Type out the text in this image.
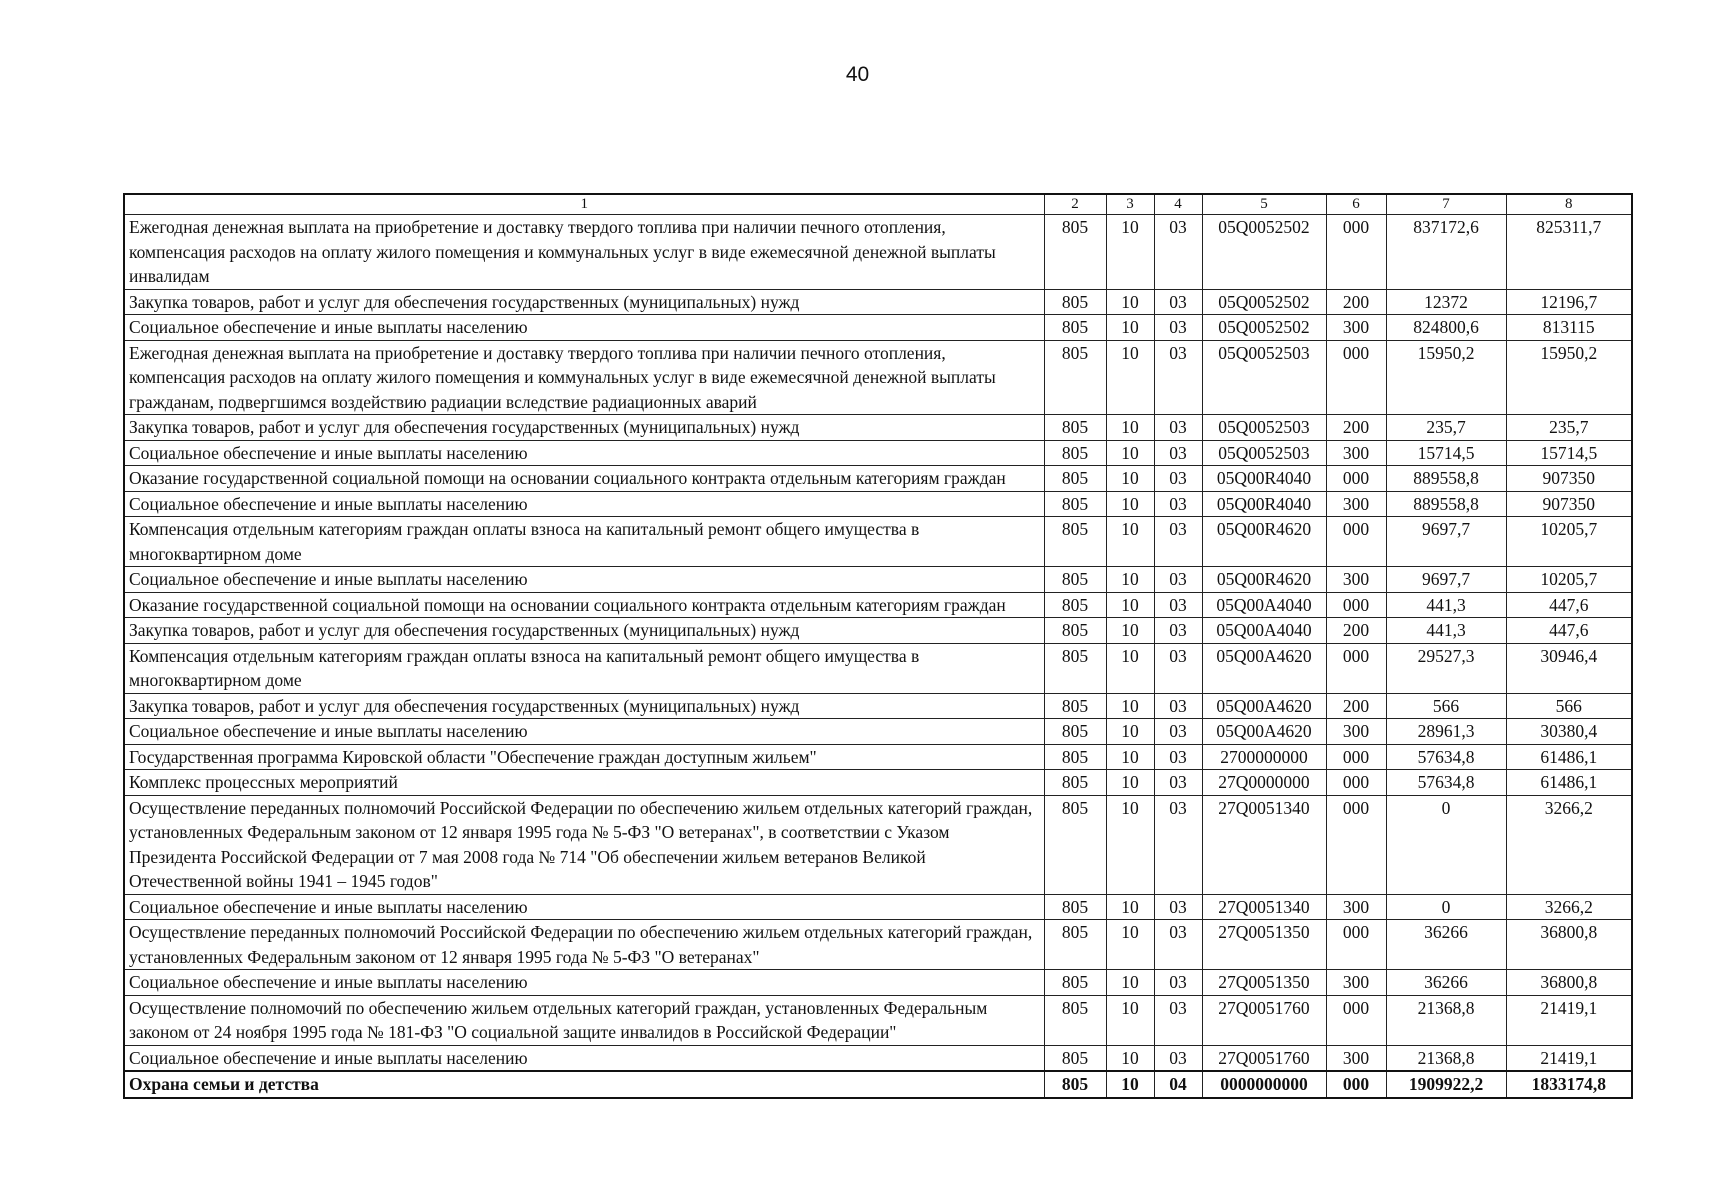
40
1	2	3	4	5	6	7	8
Ежегодная денежная выплата на приобретение и доставку твердого топлива при наличии печного отопления, компенсация расходов на оплату жилого помещения и коммунальных услуг в виде ежемесячной денежной выплаты инвалидам	805	10	03	05Q0052502	000	837172,6	825311,7
Закупка товаров, работ и услуг для обеспечения государственных (муниципальных) нужд	805	10	03	05Q0052502	200	12372	12196,7
Социальное обеспечение и иные выплаты населению	805	10	03	05Q0052502	300	824800,6	813115
Ежегодная денежная выплата на приобретение и доставку твердого топлива при наличии печного отопления, компенсация расходов на оплату жилого помещения и коммунальных услуг в виде ежемесячной денежной выплаты гражданам, подвергшимся воздействию радиации вследствие радиационных аварий	805	10	03	05Q0052503	000	15950,2	15950,2
Закупка товаров, работ и услуг для обеспечения государственных (муниципальных) нужд	805	10	03	05Q0052503	200	235,7	235,7
Социальное обеспечение и иные выплаты населению	805	10	03	05Q0052503	300	15714,5	15714,5
Оказание государственной социальной помощи на основании социального контракта отдельным категориям граждан	805	10	03	05Q00R4040	000	889558,8	907350
Социальное обеспечение и иные выплаты населению	805	10	03	05Q00R4040	300	889558,8	907350
Компенсация отдельным категориям граждан оплаты взноса на капитальный ремонт общего имущества в многоквартирном доме	805	10	03	05Q00R4620	000	9697,7	10205,7
Социальное обеспечение и иные выплаты населению	805	10	03	05Q00R4620	300	9697,7	10205,7
Оказание государственной социальной помощи на основании социального контракта отдельным категориям граждан	805	10	03	05Q00A4040	000	441,3	447,6
Закупка товаров, работ и услуг для обеспечения государственных (муниципальных) нужд	805	10	03	05Q00A4040	200	441,3	447,6
Компенсация отдельным категориям граждан оплаты взноса на капитальный ремонт общего имущества в многоквартирном доме	805	10	03	05Q00A4620	000	29527,3	30946,4
Закупка товаров, работ и услуг для обеспечения государственных (муниципальных) нужд	805	10	03	05Q00A4620	200	566	566
Социальное обеспечение и иные выплаты населению	805	10	03	05Q00A4620	300	28961,3	30380,4
Государственная программа Кировской области "Обеспечение граждан доступным жильем"	805	10	03	2700000000	000	57634,8	61486,1
Комплекс процессных мероприятий	805	10	03	27Q0000000	000	57634,8	61486,1
Осуществление переданных полномочий Российской Федерации по обеспечению жильем отдельных категорий граждан, установленных Федеральным законом от 12 января 1995 года № 5-ФЗ "О ветеранах", в соответствии с Указом Президента Российской Федерации от 7 мая 2008 года № 714 "Об обеспечении жильем ветеранов Великой Отечественной войны 1941 – 1945 годов"	805	10	03	27Q0051340	000	0	3266,2
Социальное обеспечение и иные выплаты населению	805	10	03	27Q0051340	300	0	3266,2
Осуществление переданных полномочий Российской Федерации по обеспечению жильем отдельных категорий граждан, установленных Федеральным законом от 12 января 1995 года № 5-ФЗ "О ветеранах"	805	10	03	27Q0051350	000	36266	36800,8
Социальное обеспечение и иные выплаты населению	805	10	03	27Q0051350	300	36266	36800,8
Осуществление полномочий по обеспечению жильем отдельных категорий граждан, установленных Федеральным законом от 24 ноября 1995 года № 181-ФЗ "О социальной защите инвалидов в Российской Федерации"	805	10	03	27Q0051760	000	21368,8	21419,1
Социальное обеспечение и иные выплаты населению	805	10	03	27Q0051760	300	21368,8	21419,1
Охрана семьи и детства	805	10	04	0000000000	000	1909922,2	1833174,8
